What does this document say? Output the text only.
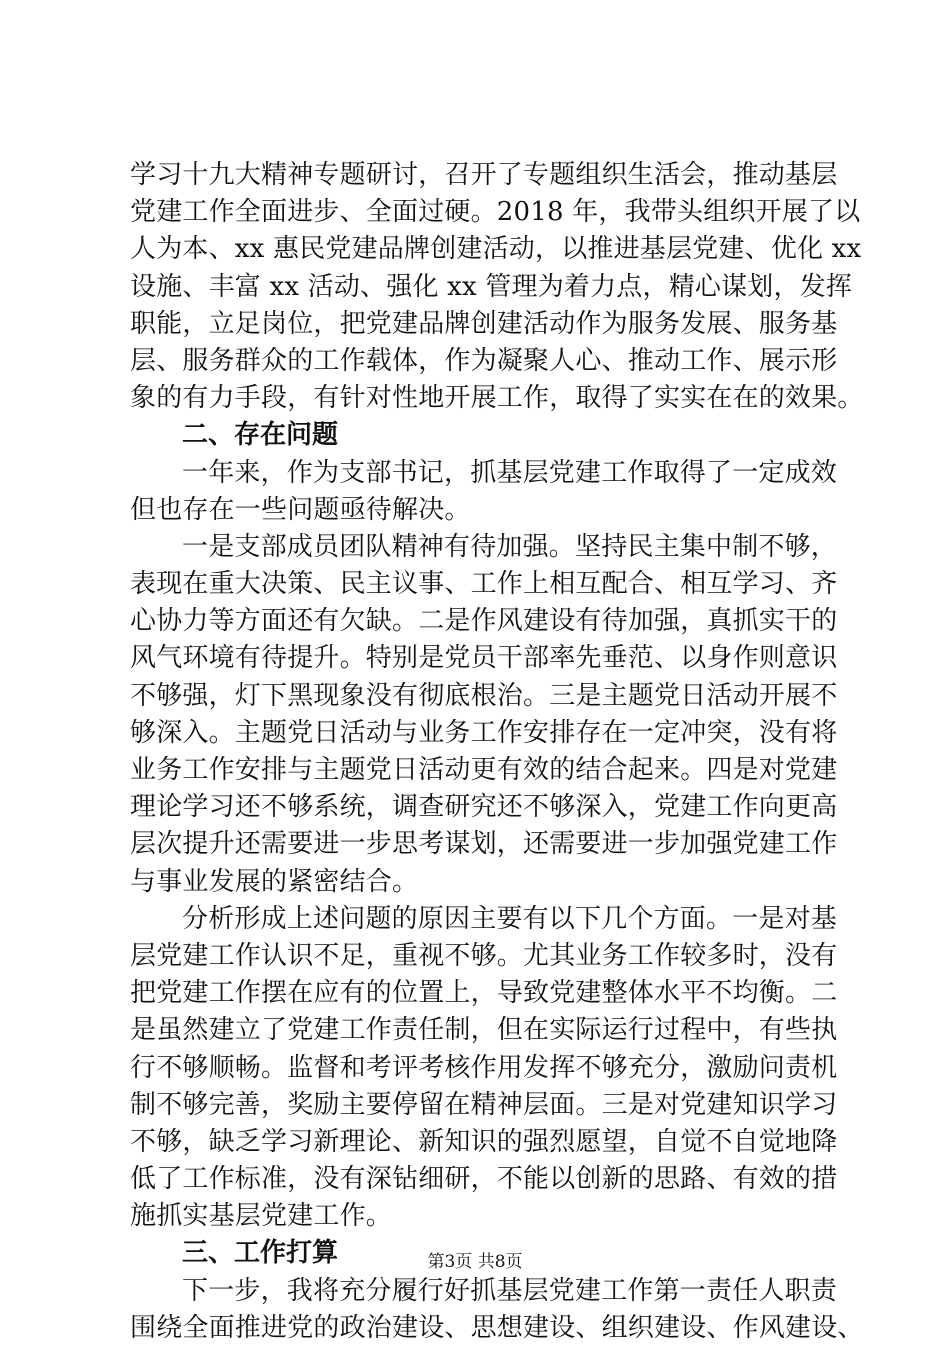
学习十九大精神专题研讨，召开了专题组织生活会，推动基层
党建工作全面进步、全面过硬。2018 年，我带头组织开展了以
人为本、xx 惠民党建品牌创建活动，以推进基层党建、优化 xx
设施、丰富 xx 活动、强化 xx 管理为着力点，精心谋划，发挥
职能，立足岗位，把党建品牌创建活动作为服务发展、服务基
层、服务群众的工作载体，作为凝聚人心、推动工作、展示形
象的有力手段，有针对性地开展工作，取得了实实在在的效果。
二、存在问题
一年来，作为支部书记，抓基层党建工作取得了一定成效
但也存在一些问题亟待解决。
一是支部成员团队精神有待加强。坚持民主集中制不够，
表现在重大决策、民主议事、工作上相互配合、相互学习、齐
心协力等方面还有欠缺。二是作风建设有待加强，真抓实干的
风气环境有待提升。特别是党员干部率先垂范、以身作则意识
不够强，灯下黑现象没有彻底根治。三是主题党日活动开展不
够深入。主题党日活动与业务工作安排存在一定冲突，没有将
业务工作安排与主题党日活动更有效的结合起来。四是对党建
理论学习还不够系统，调查研究还不够深入，党建工作向更高
层次提升还需要进一步思考谋划，还需要进一步加强党建工作
与事业发展的紧密结合。
分析形成上述问题的原因主要有以下几个方面。一是对基
层党建工作认识不足，重视不够。尤其业务工作较多时，没有
把党建工作摆在应有的位置上，导致党建整体水平不均衡。二
是虽然建立了党建工作责任制，但在实际运行过程中，有些执
行不够顺畅。监督和考评考核作用发挥不够充分，激励问责机
制不够完善，奖励主要停留在精神层面。三是对党建知识学习
不够，缺乏学习新理论、新知识的强烈愿望，自觉不自觉地降
低了工作标准，没有深钻细研，不能以创新的思路、有效的措
施抓实基层党建工作。
三、工作打算
下一步，我将充分履行好抓基层党建工作第一责任人职责
围绕全面推进党的政治建设、思想建设、组织建设、作风建设、
第3页 共8页
